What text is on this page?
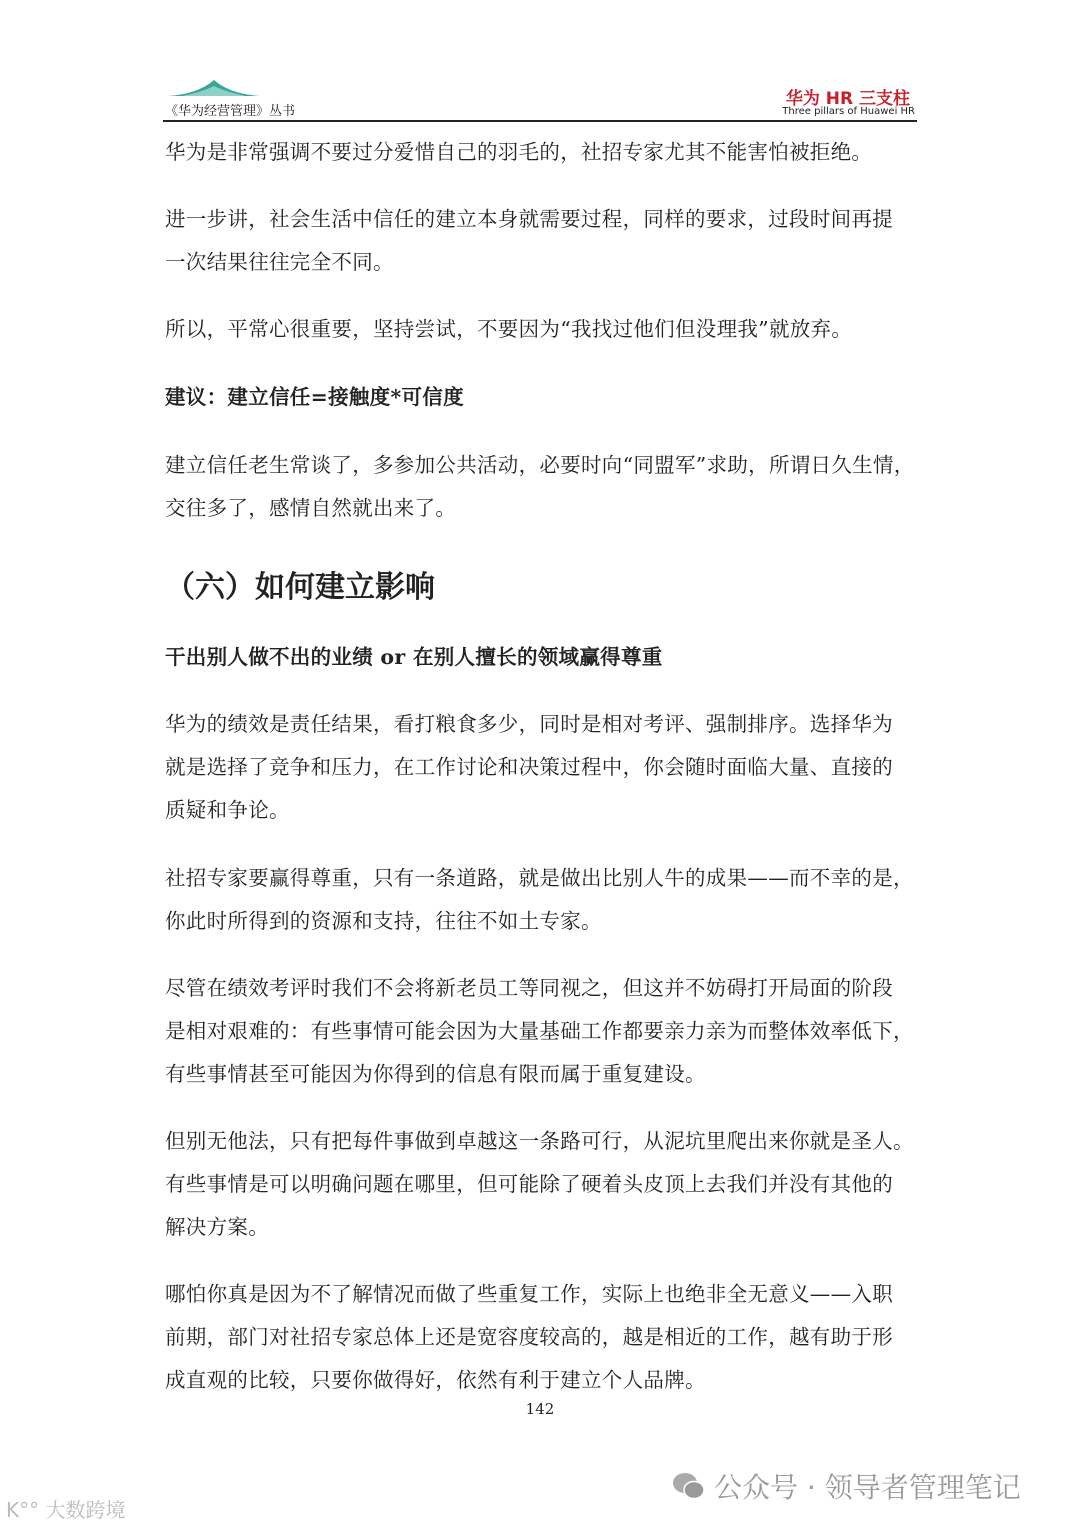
《华为经营管理》丛书
华为 HR 三支柱
Three pillars of Huawei HR
华为是非常强调不要过分爱惜自己的羽毛的，社招专家尤其不能害怕被拒绝。
进一步讲，社会生活中信任的建立本身就需要过程，同样的要求，过段时间再提
一次结果往往完全不同。
所以，平常心很重要，坚持尝试，不要因为“我找过他们但没理我”就放弃。
建议：建立信任=接触度*可信度
建立信任老生常谈了，多参加公共活动，必要时向“同盟军”求助，所谓日久生情，
交往多了，感情自然就出来了。
（六）如何建立影响
干出别人做不出的业绩 or 在别人擅长的领域赢得尊重
华为的绩效是责任结果，看打粮食多少，同时是相对考评、强制排序。选择华为
就是选择了竞争和压力，在工作讨论和决策过程中，你会随时面临大量、直接的
质疑和争论。
社招专家要赢得尊重，只有一条道路，就是做出比别人牛的成果——而不幸的是，
你此时所得到的资源和支持，往往不如土专家。
尽管在绩效考评时我们不会将新老员工等同视之，但这并不妨碍打开局面的阶段
是相对艰难的：有些事情可能会因为大量基础工作都要亲力亲为而整体效率低下，
有些事情甚至可能因为你得到的信息有限而属于重复建设。
但别无他法，只有把每件事做到卓越这一条路可行，从泥坑里爬出来你就是圣人。
有些事情是可以明确问题在哪里，但可能除了硬着头皮顶上去我们并没有其他的
解决方案。
哪怕你真是因为不了解情况而做了些重复工作，实际上也绝非全无意义——入职
前期，部门对社招专家总体上还是宽容度较高的，越是相近的工作，越有助于形
成直观的比较，只要你做得好，依然有利于建立个人品牌。
142
公众号 · 领导者管理笔记
K°° 大数跨境
